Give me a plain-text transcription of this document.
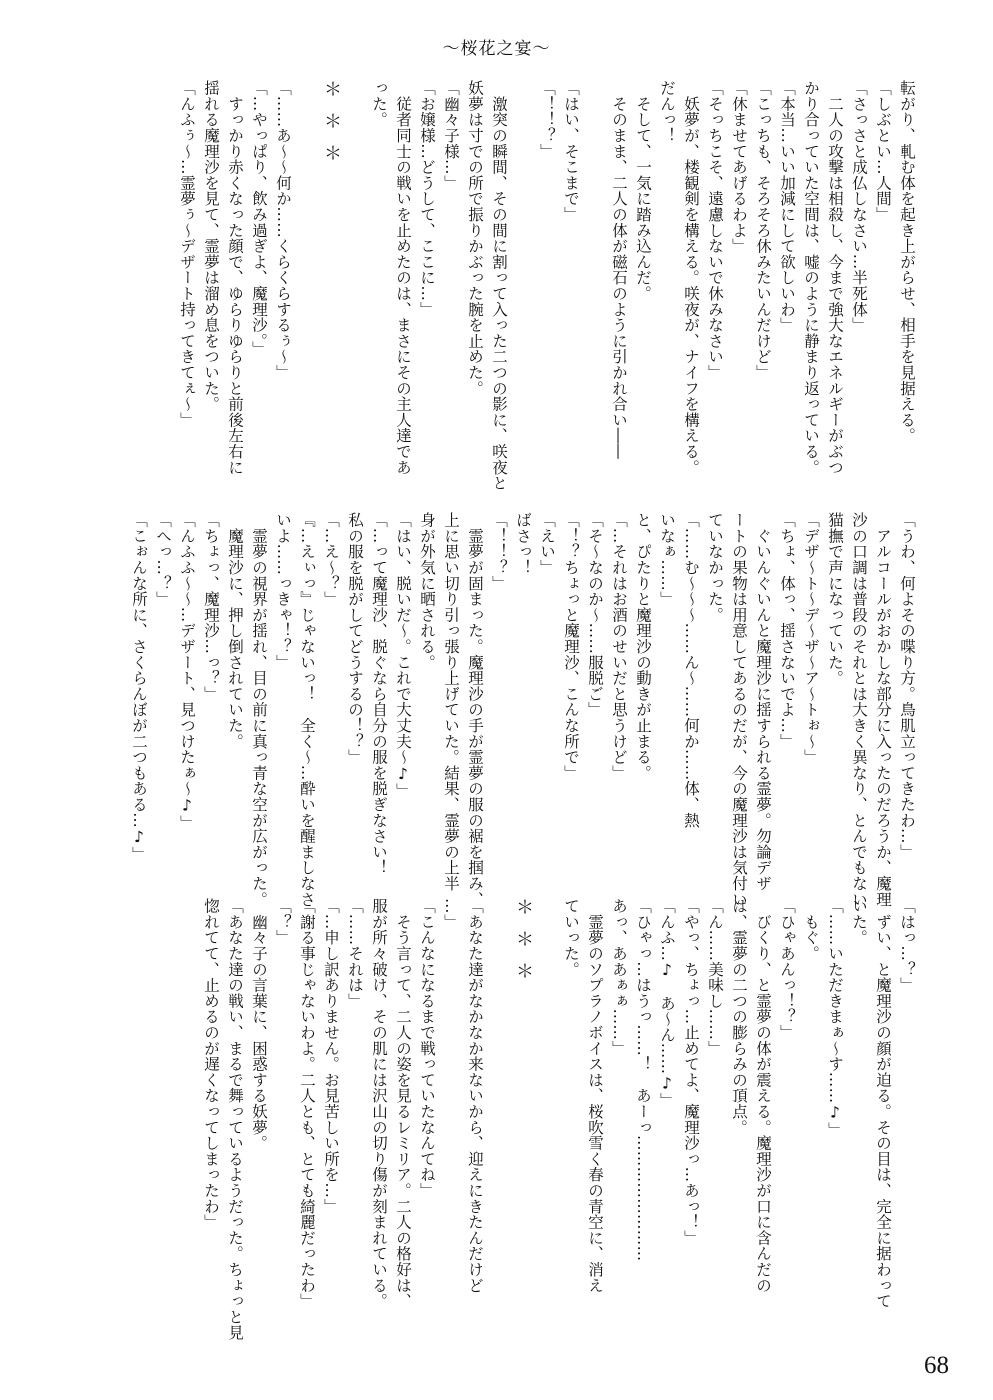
～桜花之宴～
転がり、軋む体を起き上がらせ、相手を見据える。
「しぶとい…人間」
「さっさと成仏しなさい…半死体」
　二人の攻撃は相殺し、今まで強大なエネルギーがぶつ
かり合っていた空間は、嘘のように静まり返っている。
「本当…いい加減にして欲しいわ」
「こっちも、そろそろ休みたいんだけど」
「休ませてあげるわよ」
「そっちこそ、遠慮しないで休みなさい」
　妖夢が、楼観剣を構える。咲夜が、ナイフを構える。
だんっ！
　そして、一気に踏み込んだ。
　そのまま、二人の体が磁石のように引かれ合い――
「はい、そこまで」
「！！？」
　激突の瞬間、その間に割って入った二つの影に、咲夜と
妖夢は寸での所で振りかぶった腕を止めた。
「幽々子様…」
「お嬢様…どうして、ここに…」
　従者同士の戦いを止めたのは、まさにその主人達であ
った。
＊＊＊
「……あ～～何か……くらくらするぅ～」
「…やっぱり、飲み過ぎよ、魔理沙。」
　すっかり赤くなった顔で、ゆらりゆらりと前後左右に
揺れる魔理沙を見て、霊夢は溜め息をついた。
「んふぅ～…霊夢ぅ～デザート持ってきてぇ～」
「うわ、何よその喋り方。鳥肌立ってきたわ…」
　アルコールがおかしな部分に入ったのだろうか、魔理
沙の口調は普段のそれとは大きく異なり、とんでもない
猫撫で声になっていた。
「デザ～ト～デ～ザ～ア～トぉ～」
「ちょ、体っ、揺さないでよ…」
　ぐいんぐいんと魔理沙に揺すられる霊夢。勿論デザ
ートの果物は用意してあるのだが、今の魔理沙は気付い
ていなかった。
「……む～～～……ん～……何か……体、熱
いなぁ……」
と、ぴたりと魔理沙の動きが止まる。
「…それはお酒のせいだと思うけど」
「そ～なのか～……服脱ご」
「！？ちょっと魔理沙、こんな所で」
「えい」
ばさっ！
「！！？」
　霊夢が固まった。魔理沙の手が霊夢の服の裾を掴み、
上に思い切り引っ張り上げていた。結果、霊夢の上半
身が外気に晒される。
「はい、脱いだ～。これで大丈夫～♪」
「…って魔理沙、脱ぐなら自分の服を脱ぎなさい！
私の服を脱がしてどうするの！？」
「…え～？」
『…えぃっ』じゃないっ！　全く～…酔いを醒ましなさ
いよ……っきゃ！？」
　霊夢の視界が揺れ、目の前に真っ青な空が広がった。
　魔理沙に、押し倒されていた。
「ちょっ、魔理沙…っ？」
「んふふ～～…デザート、見つけたぁ～♪」
「へっ…？」
「こぉんな所に、さくらんぼが二つもある…♪」
「はっ…？」
　ずい、と魔理沙の顔が迫る。その目は、完全に据わって
いた。
「……いただきまぁ～す……♪」
　もぐ。
「ひゃあんっ！？」
　びくり、と霊夢の体が震える。魔理沙が口に含んだの
は、霊夢の二つの膨らみの頂点。
「ん……美味し……」
「やっ、ちょっ…止めてよ、魔理沙っ…あっ！」
「んふ…♪　あ～ん……♪」
「ひゃっ…はうっ……！　あーっ……………………
あっ、ああぁぁ……」
　霊夢のソプラノボイスは、桜吹雪く春の青空に、消え
ていった。
＊＊＊
「あなた達がなかなか来ないから、迎えにきたんだけど
…」
「こんなになるまで戦っていたなんてね」
　そう言って、二人の姿を見るレミリア。二人の格好は、
服が所々破け、その肌には沢山の切り傷が刻まれている。
「……それは」
「…申し訳ありません。お見苦しい所を…」
「謝る事じゃないわよ。二人とも、とても綺麗だったわ」
「？」
　幽々子の言葉に、困惑する妖夢。
「あなた達の戦い、まるで舞っているようだった。ちょっと見
惚れてて、止めるのが遅くなってしまったわ」
68
